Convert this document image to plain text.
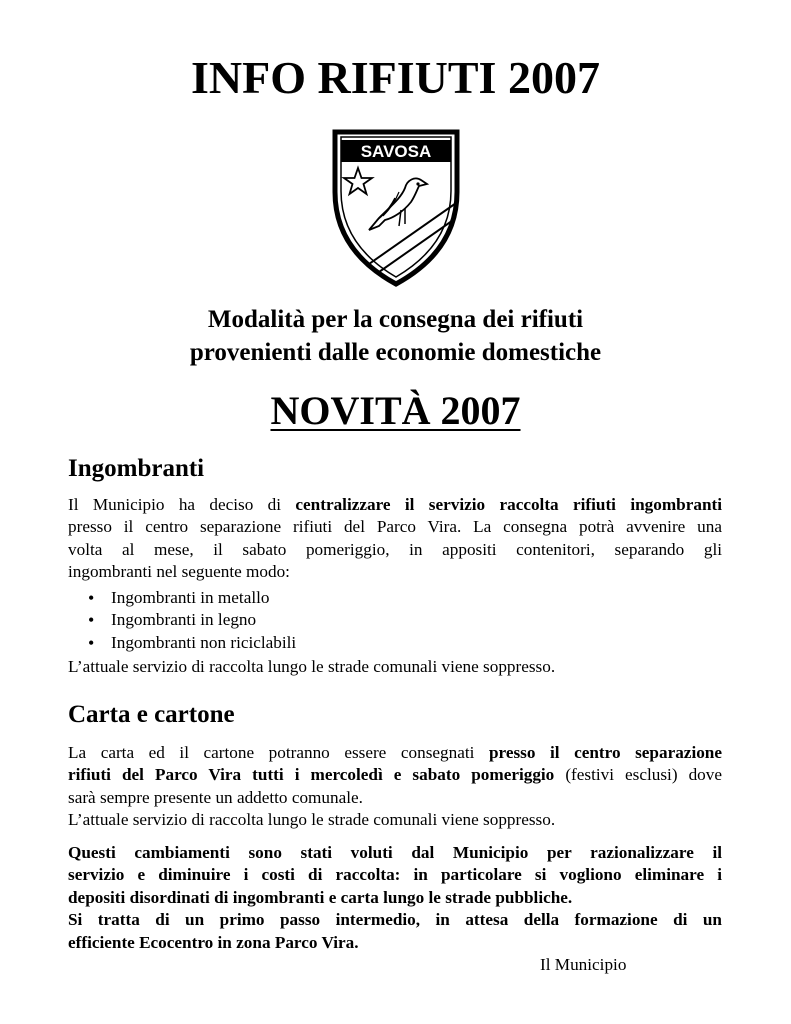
INFO RIFIUTI 2007
SAVOSA
Modalità per la consegna dei rifiuti
provenienti dalle economie domestiche
NOVITÀ 2007
Ingombranti
Il Municipio ha deciso di centralizzare il servizio raccolta rifiuti ingombranti
presso il centro separazione rifiuti del Parco Vira. La consegna potrà avvenire una
volta al mese, il sabato pomeriggio, in appositi contenitori, separando gli
ingombranti nel seguente modo:
• Ingombranti in metallo
• Ingombranti in legno
• Ingombranti non riciclabili
L’attuale servizio di raccolta lungo le strade comunali viene soppresso.
Carta e cartone
La carta ed il cartone potranno essere consegnati presso il centro separazione
rifiuti del Parco Vira tutti i mercoledì e sabato pomeriggio (festivi esclusi) dove
sarà sempre presente un addetto comunale.
L’attuale servizio di raccolta lungo le strade comunali viene soppresso.
Questi cambiamenti sono stati voluti dal Municipio per razionalizzare il
servizio e diminuire i costi di raccolta: in particolare si vogliono eliminare i
depositi disordinati di ingombranti e carta lungo le strade pubbliche.
Si tratta di un primo passo intermedio, in attesa della formazione di un
efficiente Ecocentro in zona Parco Vira.
Il Municipio
